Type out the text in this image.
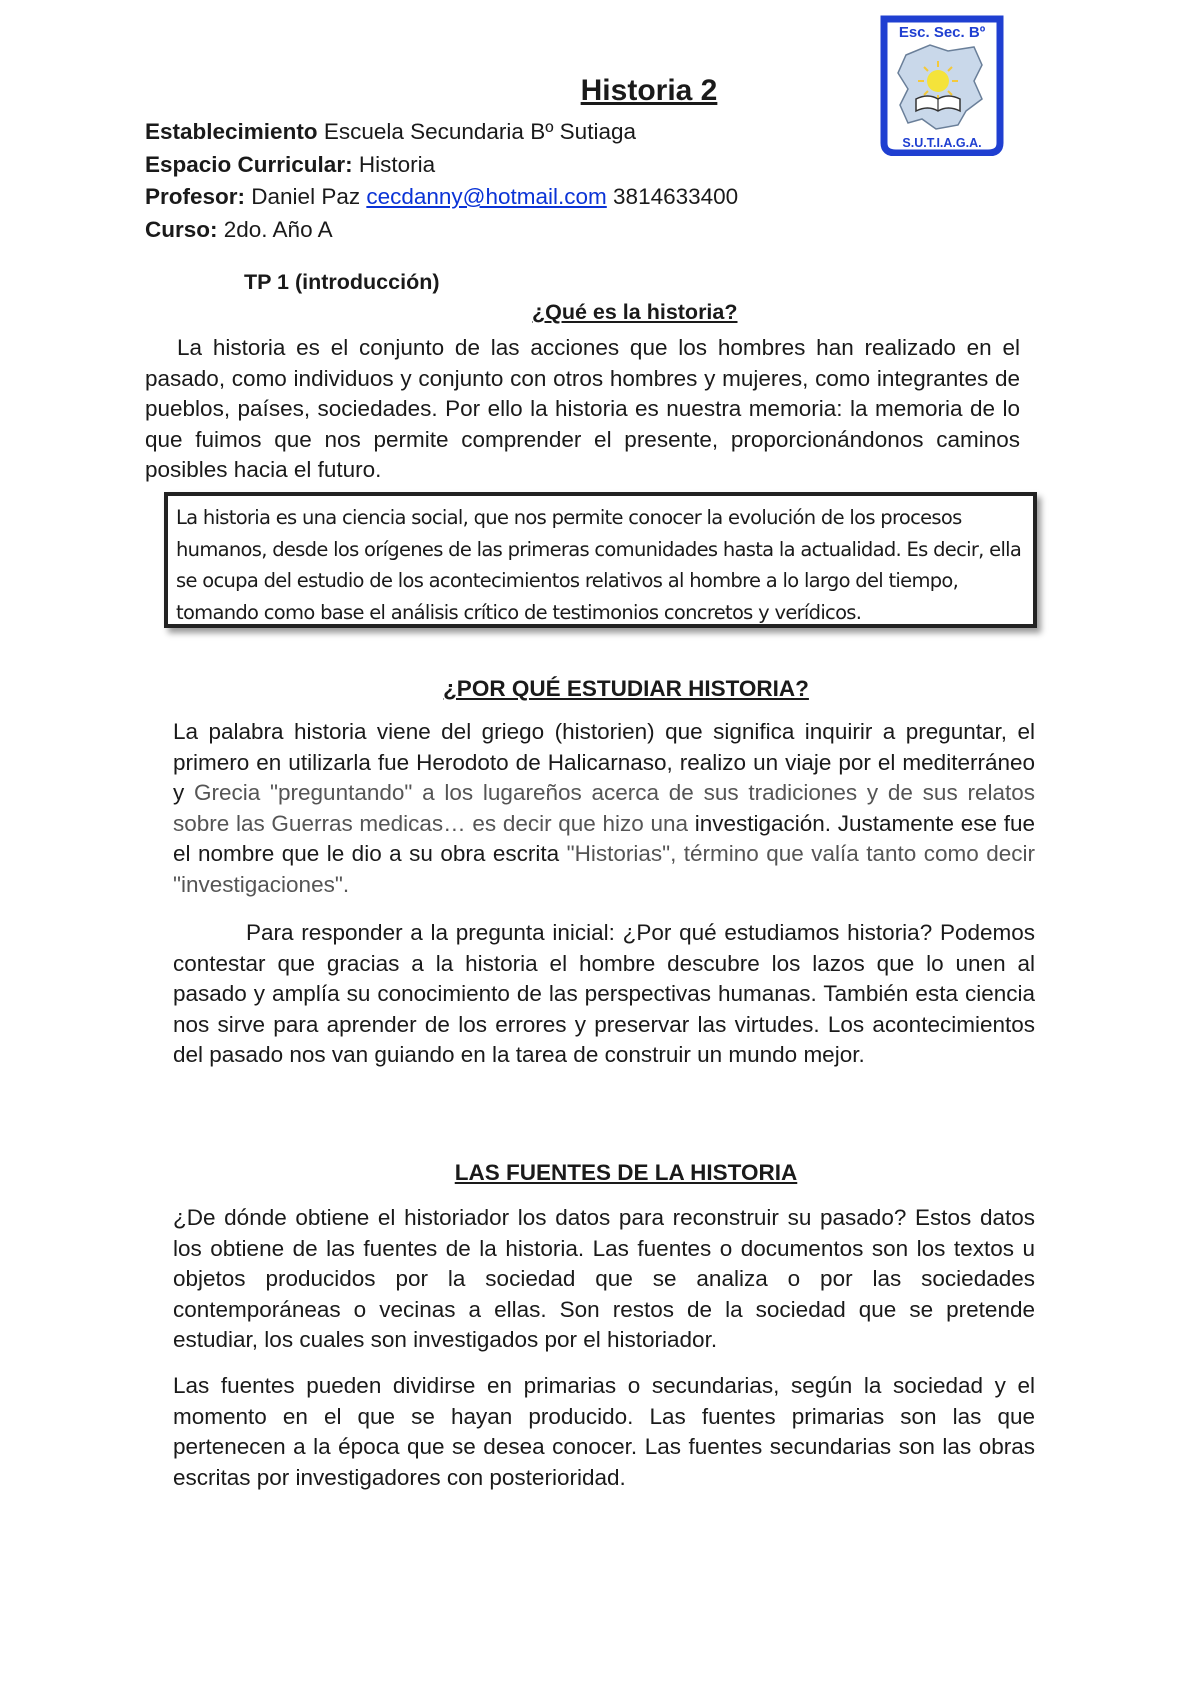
Esc. Sec. Bº
S.U.T.I.A.G.A.
Historia 2
Establecimiento Escuela Secundaria Bº Sutiaga
Espacio Curricular: Historia
Profesor: Daniel Paz cecdanny@hotmail.com 3814633400
Curso: 2do. Año A
TP 1 (introducción)
¿Qué es la historia?

La historia es el conjunto de las acciones que los hombres han realizado en el pasado, como individuos y conjunto con otros hombres y mujeres, como integrantes de pueblos, países, sociedades. Por ello la historia es nuestra memoria: la memoria de lo que fuimos que nos permite comprender el presente, proporcionándonos caminos posibles hacia el futuro.

La historia es una ciencia social, que nos permite conocer la evolución de los procesos humanos, desde los orígenes de las primeras comunidades hasta la actualidad. Es decir, ella se ocupa del estudio de los acontecimientos relativos al hombre a lo largo del tiempo, tomando como base el análisis crítico de testimonios concretos y verídicos.

¿POR QUÉ ESTUDIAR HISTORIA?

La palabra historia viene del griego (historien) que significa inquirir a preguntar, el primero en utilizarla fue Herodoto de Halicarnaso, realizo un viaje por el mediterráneo y Grecia "preguntando" a los lugareños acerca de sus tradiciones y de sus relatos sobre las Guerras medicas… es decir que hizo una investigación. Justamente ese fue el nombre que le dio a su obra escrita "Historias", término que valía tanto como decir "investigaciones".

Para responder a la pregunta inicial: ¿Por qué estudiamos historia? Podemos contestar que gracias a la historia el hombre descubre los lazos que lo unen al pasado y amplía su conocimiento de las perspectivas humanas. También esta ciencia nos sirve para aprender de los errores y preservar las virtudes. Los acontecimientos del pasado nos van guiando en la tarea de construir un mundo mejor.

LAS FUENTES DE LA HISTORIA

¿De dónde obtiene el historiador los datos para reconstruir su pasado? Estos datos los obtiene de las fuentes de la historia. Las fuentes o documentos son los textos u objetos producidos por la sociedad que se analiza o por las sociedades contemporáneas o vecinas a ellas. Son restos de la sociedad que se pretende estudiar, los cuales son investigados por el historiador.

Las fuentes pueden dividirse en primarias o secundarias, según la sociedad y el momento en el que se hayan producido. Las fuentes primarias son las que pertenecen a la época que se desea conocer. Las fuentes secundarias son las obras escritas por investigadores con posterioridad.
